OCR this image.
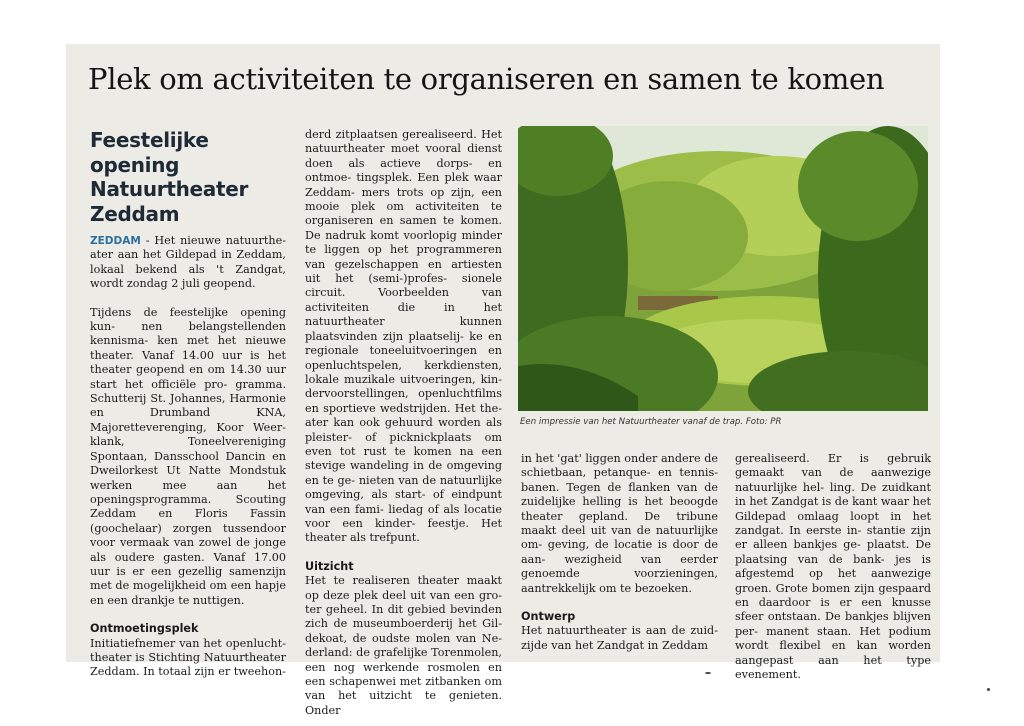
Plek om activiteiten te organiseren en samen te komen
Feestelijke
opening
Natuurtheater
Zeddam

ZEDDAM - Het nieuwe natuurthe- ater aan het Gildepad in Zeddam, lokaal bekend als 't Zandgat, wordt zondag 2 juli geopend.

Tijdens de feestelijke opening kun- nen belangstellenden kennisma- ken met het nieuwe theater. Vanaf 14.00 uur is het theater geopend en om 14.30 uur start het officiële pro- gramma. Schutterij St. Johannes, Harmonie en Drumband KNA, Majoretteverenging, Koor Weer- klank, Toneelvereniging Spontaan, Dansschool Dancin en Dweilorkest Ut Natte Mondstuk werken mee aan het openingsprogramma. Scouting Zeddam en Floris Fassin (goochelaar) zorgen tussendoor voor vermaak van zowel de jonge als oudere gasten. Vanaf 17.00 uur is er een gezellig samenzijn met de mogelijkheid om een hapje en een drankje te nuttigen.

Ontmoetingsplek

Initiatiefnemer van het openlucht- theater is Stichting Natuurtheater Zeddam. In totaal zijn er tweehon-

derd zitplaatsen gerealiseerd. Het natuurtheater moet vooral dienst doen als actieve dorps- en ontmoe- tingsplek. Een plek waar Zeddam- mers trots op zijn, een mooie plek om activiteiten te organiseren en samen te komen. De nadruk komt voorlopig minder te liggen op het programmeren van gezelschappen en artiesten uit het (semi-)profes- sionele circuit. Voorbeelden van activiteiten die in het natuurtheater kunnen plaatsvinden zijn plaatselij- ke en regionale toneeluitvoeringen en openluchtspelen, kerkdiensten, lokale muzikale uitvoeringen, kin- dervoorstellingen, openluchtfilms en sportieve wedstrijden. Het the- ater kan ook gehuurd worden als pleister- of picknickplaats om even tot rust te komen na een stevige wandeling in de omgeving en te ge- nieten van de natuurlijke omgeving, als start- of eindpunt van een fami- liedag of als locatie voor een kinder- feestje. Het theater als trefpunt.

Uitzicht

Het te realiseren theater maakt op deze plek deel uit van een gro- ter geheel. In dit gebied bevinden zich de museumboerderij het Gil- dekoat, de oudste molen van Ne- derland: de grafelijke Torenmolen, een nog werkende rosmolen en een schapenwei met zitbanken om van het uitzicht te genieten. Onder

Een impressie van het Natuurtheater vanaf de trap. Foto: PR

in het 'gat' liggen onder andere de schietbaan, petanque- en tennis- banen. Tegen de flanken van de zuidelijke helling is het beoogde theater gepland. De tribune maakt deel uit van de natuurlijke om- geving, de locatie is door de aan- wezigheid van eerder genoemde voorzieningen, aantrekkelijk om te bezoeken.

Ontwerp

Het natuurtheater is aan de zuid- zijde van het Zandgat in Zeddam

gerealiseerd. Er is gebruik gemaakt van de aanwezige natuurlijke hel- ling. De zuidkant in het Zandgat is de kant waar het Gildepad omlaag loopt in het zandgat. In eerste in- stantie zijn er alleen bankjes ge- plaatst. De plaatsing van de bank- jes is afgestemd op het aanwezige groen. Grote bomen zijn gespaard en daardoor is er een knusse sfeer ontstaan. De bankjes blijven per- manent staan. Het podium wordt flexibel en kan worden aangepast aan het type evenement.
